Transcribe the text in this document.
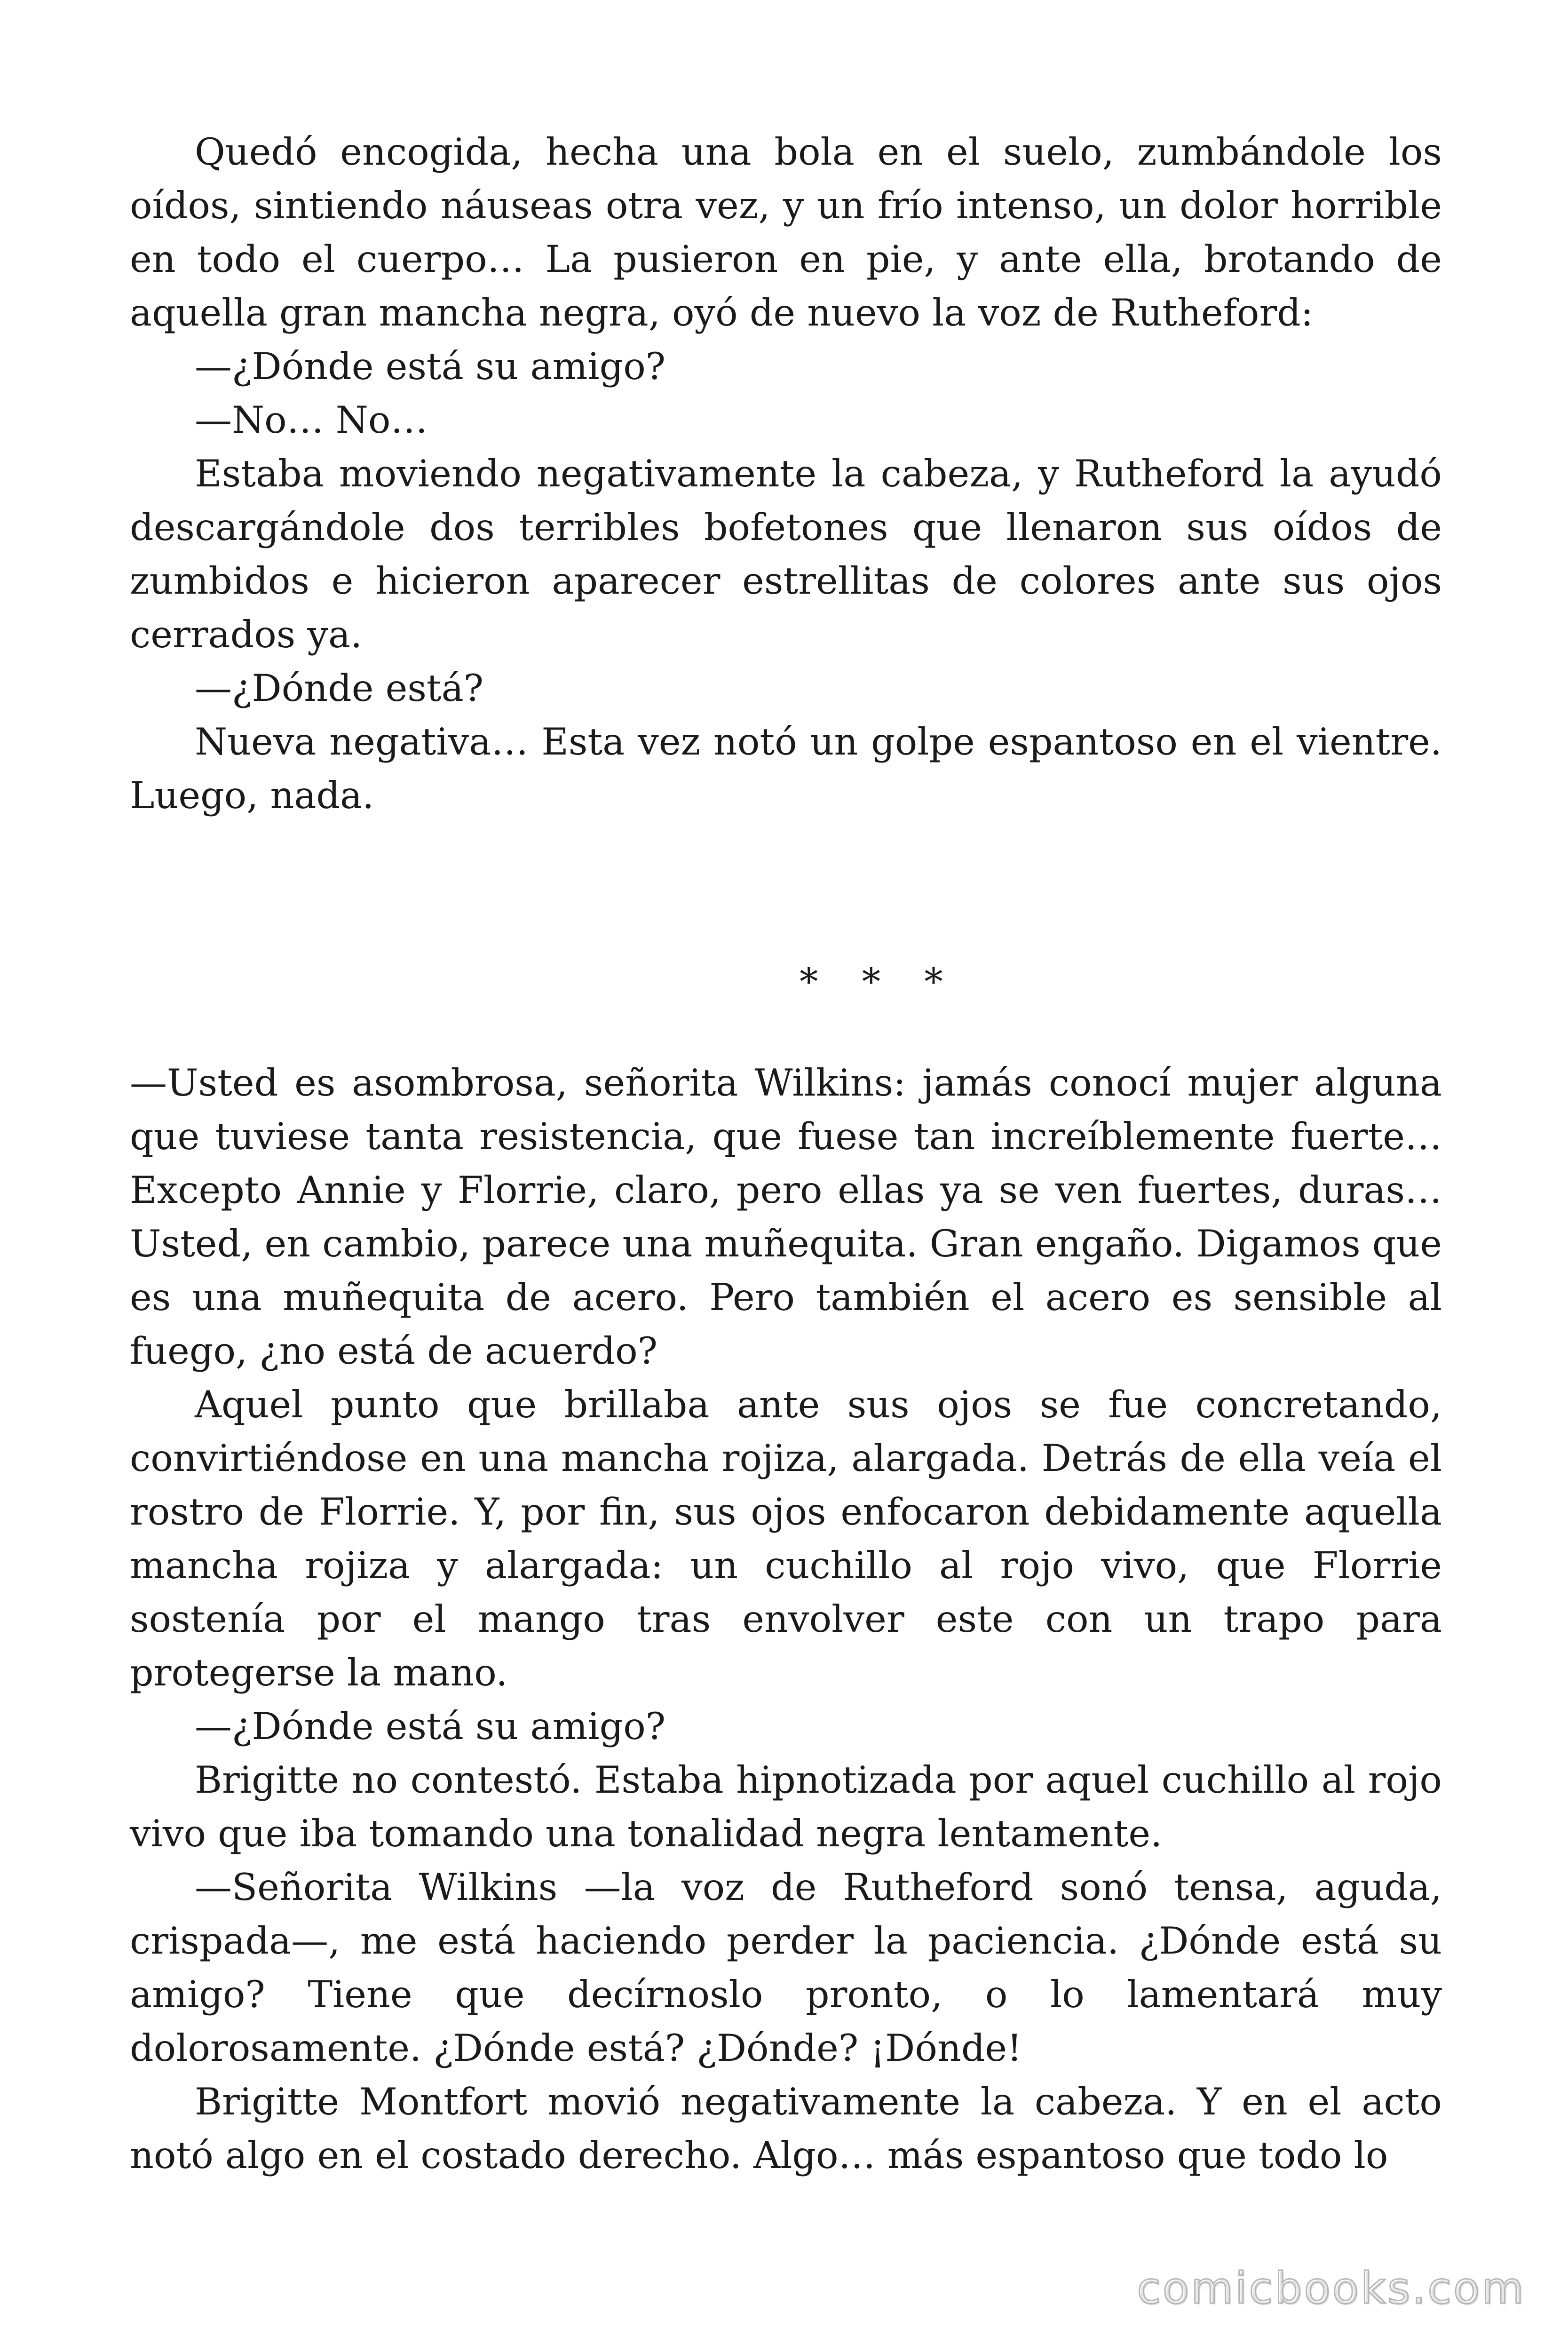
Quedó encogida, hecha una bola en el suelo, zumbándole los oídos, sintiendo náuseas otra vez, y un frío intenso, un dolor horrible en todo el cuerpo… La pusieron en pie, y ante ella, brotando de aquella gran mancha negra, oyó de nuevo la voz de Rutheford:

—¿Dónde está su amigo?

—No… No…

Estaba moviendo negativamente la cabeza, y Rutheford la ayudó descargándole dos terribles bofetones que llenaron sus oídos de zumbidos e hicieron aparecer estrellitas de colores ante sus ojos cerrados ya.

—¿Dónde está?

Nueva negativa… Esta vez notó un golpe espantoso en el vientre. Luego, nada.

* * *

—Usted es asombrosa, señorita Wilkins: jamás conocí mujer alguna que tuviese tanta resistencia, que fuese tan increíblemente fuerte… Excepto Annie y Florrie, claro, pero ellas ya se ven fuertes, duras… Usted, en cambio, parece una muñequita. Gran engaño. Digamos que es una muñequita de acero. Pero también el acero es sensible al fuego, ¿no está de acuerdo?

Aquel punto que brillaba ante sus ojos se fue concretando, convirtiéndose en una mancha rojiza, alargada. Detrás de ella veía el rostro de Florrie. Y, por fin, sus ojos enfocaron debidamente aquella mancha rojiza y alargada: un cuchillo al rojo vivo, que Florrie sostenía por el mango tras envolver este con un trapo para protegerse la mano.

—¿Dónde está su amigo?

Brigitte no contestó. Estaba hipnotizada por aquel cuchillo al rojo vivo que iba tomando una tonalidad negra lentamente.

—Señorita Wilkins —la voz de Rutheford sonó tensa, aguda, crispada—, me está haciendo perder la paciencia. ¿Dónde está su amigo? Tiene que decírnoslo pronto, o lo lamentará muy dolorosamente. ¿Dónde está? ¿Dónde? ¡Dónde!

Brigitte Montfort movió negativamente la cabeza. Y en el acto notó algo en el costado derecho. Algo… más espantoso que todo lo

comicbooks.com
